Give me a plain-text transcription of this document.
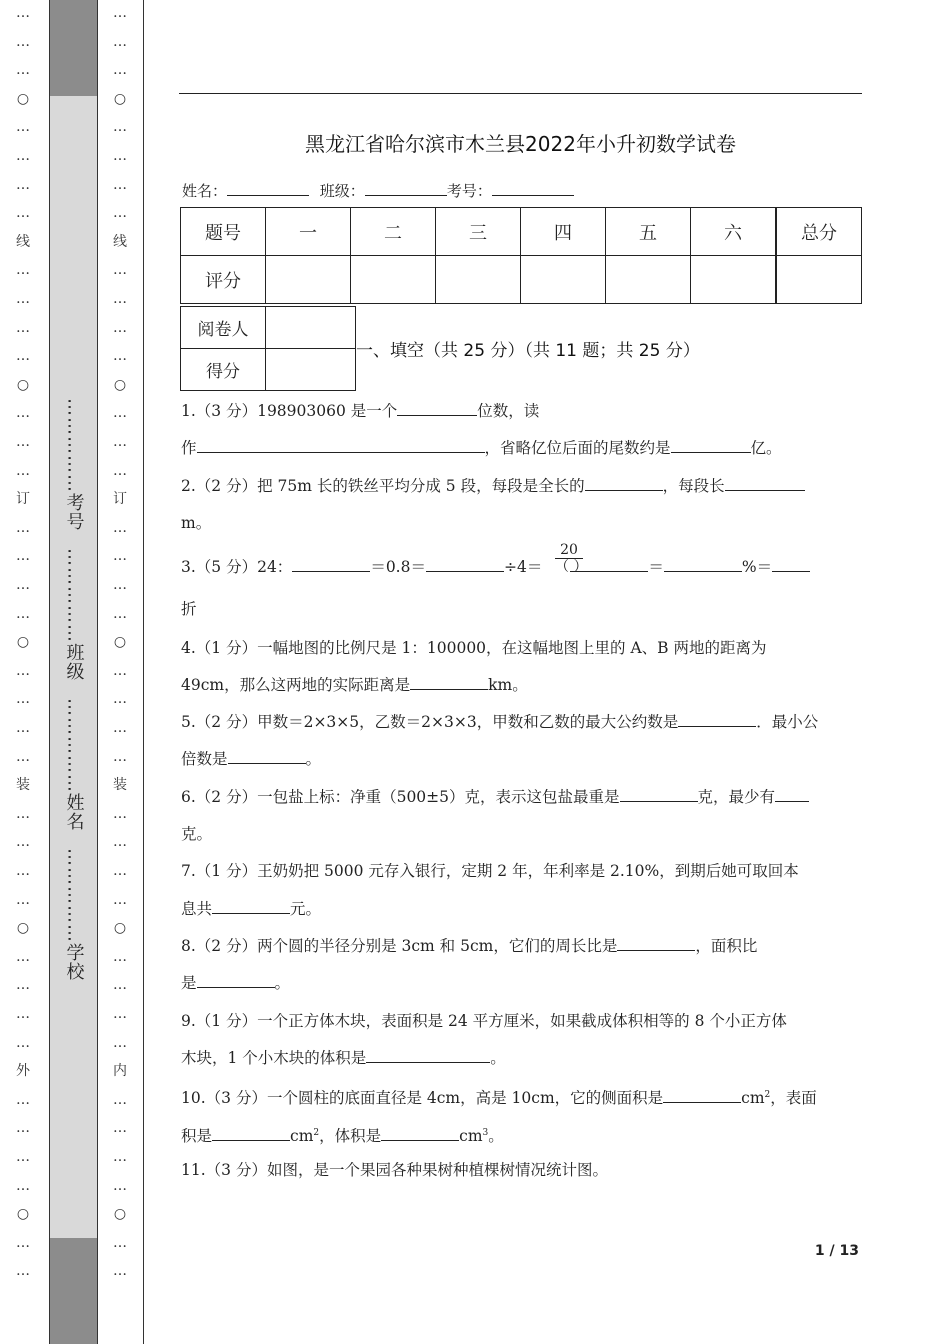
…
…
…
○
…
…
…
…
线
…
…
…
…
○
…
…
…
订
…
…
…
…
○
…
…
…
…
装
…
…
…
…
○
…
…
…
…
外
…
…
…
…
○
…
…
……………考号
……………班级
……………姓名
……………学校
…
…
…
○
…
…
…
…
线
…
…
…
…
○
…
…
…
订
…
…
…
…
○
…
…
…
…
装
…
…
…
…
○
…
…
…
…
内
…
…
…
…
○
…
…
黑龙江省哈尔滨市木兰县2022年小升初数学试卷
姓名：	班级：	考号：
题号	一	二	三	四	五	六	总分
评分							
阅卷人	
得分	
一、填空（共 25 分）（共 11 题；共 25 分）
1.（3 分）198903060 是一个	位数，读
作	，省略亿位后面的尾数约是	亿。
2.（2 分）把 75m 长的铁丝平均分成 5 段，每段是全长的	，每段长
m。
3.（5 分）24：	＝0.8＝	÷4＝	＝	%＝
20
（ ）
折
4.（1 分）一幅地图的比例尺是 1：100000，在这幅地图上里的 A、B 两地的距离为
49cm，那么这两地的实际距离是	km。
5.（2 分）甲数＝2×3×5，乙数＝2×3×3，甲数和乙数的最大公约数是	．最小公
倍数是	。
6.（2 分）一包盐上标：净重（500±5）克，表示这包盐最重是	克，最少有
克。
7.（1 分）王奶奶把 5000 元存入银行，定期 2 年，年利率是 2.10%，到期后她可取回本
息共	元。
8.（2 分）两个圆的半径分别是 3cm 和 5cm，它们的周长比是	，面积比
是	。
9.（1 分）一个正方体木块，表面积是 24 平方厘米，如果截成体积相等的 8 个小正方体
木块，1 个小木块的体积是	。
10.（3 分）一个圆柱的底面直径是 4cm，高是 10cm，它的侧面积是	$cm^2$，表面
积是	$cm^2$，体积是	$cm^3$。
11.（3 分）如图，是一个果园各种果树种植棵树情况统计图。
1 / 13
